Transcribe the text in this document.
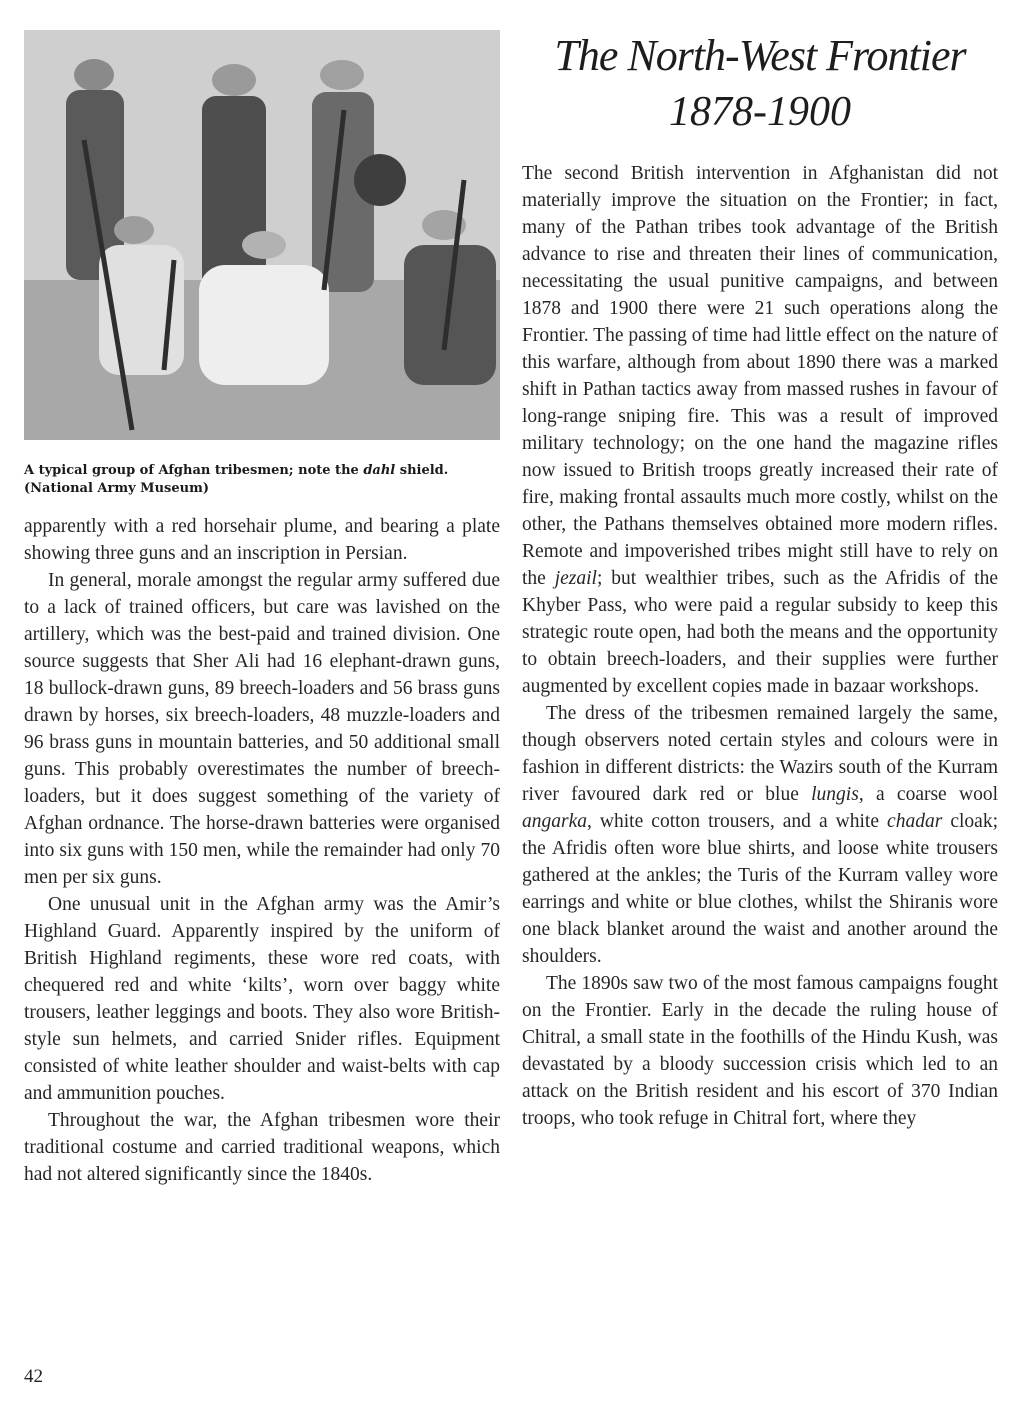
A typical group of Afghan tribesmen; note the dahl shield.
(National Army Museum)

apparently with a red horsehair plume, and bearing a plate showing three guns and an inscription in Persian.

In general, morale amongst the regular army suffered due to a lack of trained officers, but care was lavished on the artillery, which was the best-paid and trained division. One source suggests that Sher Ali had 16 elephant-drawn guns, 18 bullock-drawn guns, 89 breech-loaders and 56 brass guns drawn by horses, six breech-loaders, 48 muzzle-loaders and 96 brass guns in mountain batteries, and 50 additional small guns. This probably overestimates the number of breech-loaders, but it does suggest something of the variety of Afghan ordnance. The horse-drawn batteries were organised into six guns with 150 men, while the remainder had only 70 men per six guns.

One unusual unit in the Afghan army was the Amir’s Highland Guard. Apparently inspired by the uniform of British Highland regiments, these wore red coats, with chequered red and white ‘kilts’, worn over baggy white trousers, leather leggings and boots. They also wore British-style sun helmets, and carried Snider rifles. Equipment consisted of white leather shoulder and waist-belts with cap and ammunition pouches.

Throughout the war, the Afghan tribesmen wore their traditional costume and carried traditional weapons, which had not altered significantly since the 1840s.

The North-West Frontier
1878-1900

The second British intervention in Afghanistan did not materially improve the situation on the Frontier; in fact, many of the Pathan tribes took advantage of the British advance to rise and threaten their lines of communication, necessitating the usual punitive campaigns, and between 1878 and 1900 there were 21 such operations along the Frontier. The passing of time had little effect on the nature of this warfare, although from about 1890 there was a marked shift in Pathan tactics away from massed rushes in favour of long-range sniping fire. This was a result of improved military technology; on the one hand the magazine rifles now issued to British troops greatly increased their rate of fire, making frontal assaults much more costly, whilst on the other, the Pathans themselves obtained more modern rifles. Remote and impoverished tribes might still have to rely on the jezail; but wealthier tribes, such as the Afridis of the Khyber Pass, who were paid a regular subsidy to keep this strategic route open, had both the means and the opportunity to obtain breech-loaders, and their supplies were further augmented by excellent copies made in bazaar workshops.

The dress of the tribesmen remained largely the same, though observers noted certain styles and colours were in fashion in different districts: the Wazirs south of the Kurram river favoured dark red or blue lungis, a coarse wool angarka, white cotton trousers, and a white chadar cloak; the Afridis often wore blue shirts, and loose white trousers gathered at the ankles; the Turis of the Kurram valley wore earrings and white or blue clothes, whilst the Shiranis wore one black blanket around the waist and another around the shoulders.

The 1890s saw two of the most famous campaigns fought on the Frontier. Early in the decade the ruling house of Chitral, a small state in the foothills of the Hindu Kush, was devastated by a bloody succession crisis which led to an attack on the British resident and his escort of 370 Indian troops, who took refuge in Chitral fort, where they

42
